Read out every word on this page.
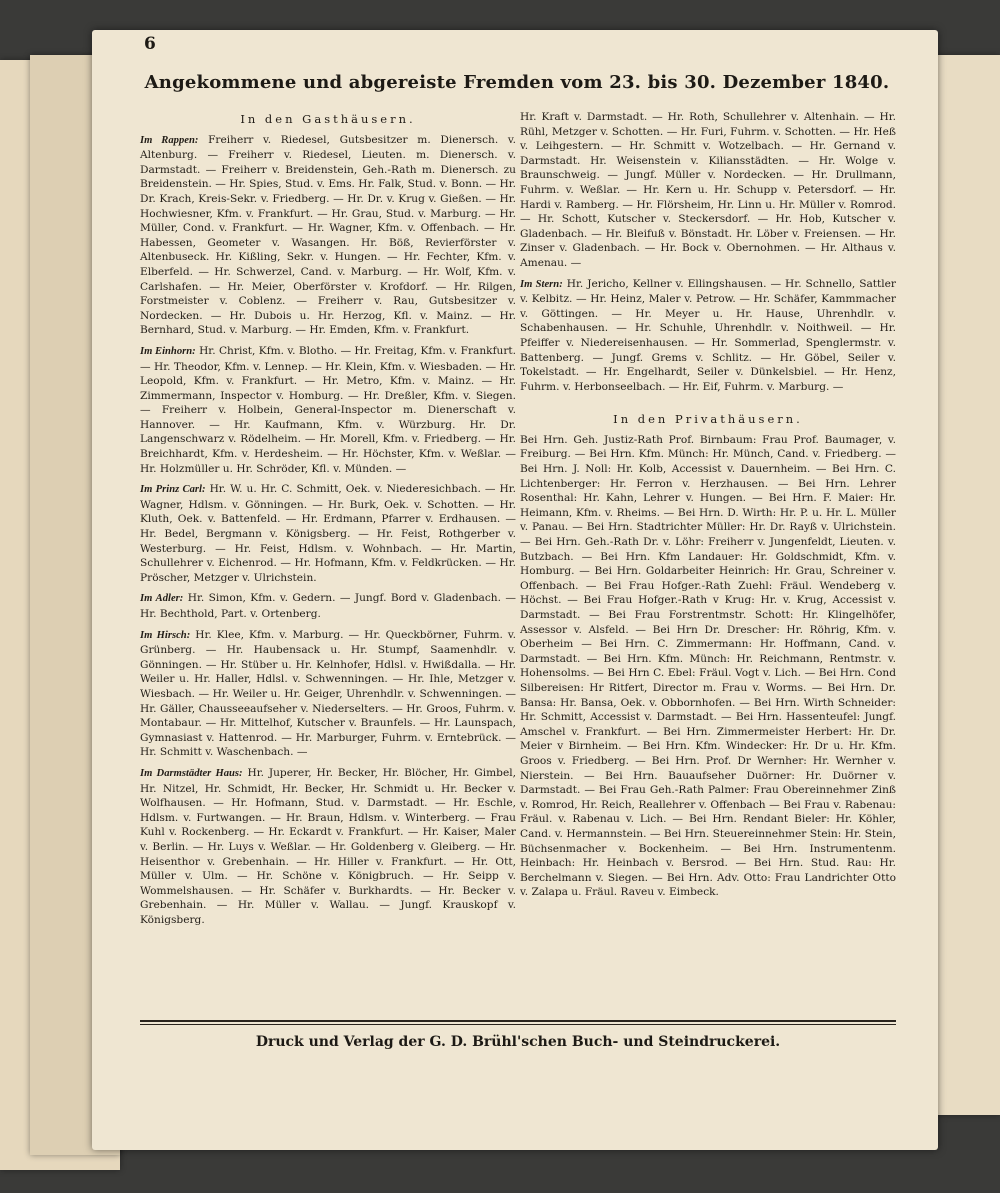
6
Angekommene und abgereiste Fremden vom 23. bis 30. Dezember 1840.
In den Gasthäusern.
Im Rappen: Freiherr v. Riedesel, Gutsbesitzer m. Dienersch. v. Altenburg. — Freiherr v. Riedesel, Lieuten. m. Dienersch. v. Darmstadt. — Freiherr v. Breidenstein, Geh.-Rath m. Dienersch. zu Breidenstein. — Hr. Spies, Stud. v. Ems. Hr. Falk, Stud. v. Bonn. — Hr. Dr. Krach, Kreis-Sekr. v. Friedberg. — Hr. Dr. v. Krug v. Gießen. — Hr. Hochwiesner, Kfm. v. Frankfurt. — Hr. Grau, Stud. v. Marburg. — Hr. Müller, Cond. v. Frankfurt. — Hr. Wagner, Kfm. v. Offenbach. — Hr. Habessen, Geometer v. Wasangen. Hr. Böß, Revierförster v. Altenbuseck. Hr. Kißling, Sekr. v. Hungen. — Hr. Fechter, Kfm. v. Elberfeld. — Hr. Schwerzel, Cand. v. Marburg. — Hr. Wolf, Kfm. v. Carlshafen. — Hr. Meier, Oberförster v. Krofdorf. — Hr. Rilgen, Forstmeister v. Coblenz. — Freiherr v. Rau, Gutsbesitzer v. Nordecken. — Hr. Dubois u. Hr. Herzog, Kfl. v. Mainz. — Hr. Bernhard, Stud. v. Marburg. — Hr. Emden, Kfm. v. Frankfurt.
Im Einhorn: Hr. Christ, Kfm. v. Blotho. — Hr. Freitag, Kfm. v. Frankfurt. — Hr. Theodor, Kfm. v. Lennep. — Hr. Klein, Kfm. v. Wiesbaden. — Hr. Leopold, Kfm. v. Frankfurt. — Hr. Metro, Kfm. v. Mainz. — Hr. Zimmermann, Inspector v. Homburg. — Hr. Dreßler, Kfm. v. Siegen. — Freiherr v. Holbein, General-Inspector m. Dienerschaft v. Hannover. — Hr. Kaufmann, Kfm. v. Würzburg. Hr. Dr. Langenschwarz v. Rödelheim. — Hr. Morell, Kfm. v. Friedberg. — Hr. Breichhardt, Kfm. v. Herdesheim. — Hr. Höchster, Kfm. v. Weßlar. — Hr. Holzmüller u. Hr. Schröder, Kfl. v. Münden. —
Im Prinz Carl: Hr. W. u. Hr. C. Schmitt, Oek. v. Niederesichbach. — Hr. Wagner, Hdlsm. v. Gönningen. — Hr. Burk, Oek. v. Schotten. — Hr. Kluth, Oek. v. Battenfeld. — Hr. Erdmann, Pfarrer v. Erdhausen. — Hr. Bedel, Bergmann v. Königsberg. — Hr. Feist, Rothgerber v. Westerburg. — Hr. Feist, Hdlsm. v. Wohnbach. — Hr. Martin, Schullehrer v. Eichenrod. — Hr. Hofmann, Kfm. v. Feldkrücken. — Hr. Pröscher, Metzger v. Ulrichstein.
Im Adler: Hr. Simon, Kfm. v. Gedern. — Jungf. Bord v. Gladenbach. — Hr. Bechthold, Part. v. Ortenberg.
Im Hirsch: Hr. Klee, Kfm. v. Marburg. — Hr. Queckbörner, Fuhrm. v. Grünberg. — Hr. Haubensack u. Hr. Stumpf, Saamenhdlr. v. Gönningen. — Hr. Stüber u. Hr. Kelnhofer, Hdlsl. v. Hwißdalla. — Hr. Weiler u. Hr. Haller, Hdlsl. v. Schwenningen. — Hr. Ihle, Metzger v. Wiesbach. — Hr. Weiler u. Hr. Geiger, Uhrenhdlr. v. Schwenningen. — Hr. Gäller, Chausseeaufseher v. Niederselters. — Hr. Groos, Fuhrm. v. Montabaur. — Hr. Mittelhof, Kutscher v. Braunfels. — Hr. Launspach, Gymnasiast v. Hattenrod. — Hr. Marburger, Fuhrm. v. Erntebrück. — Hr. Schmitt v. Waschenbach. —
Im Darmstädter Haus: Hr. Juperer, Hr. Becker, Hr. Blöcher, Hr. Gimbel, Hr. Nitzel, Hr. Schmidt, Hr. Becker, Hr. Schmidt u. Hr. Becker v. Wolfhausen. — Hr. Hofmann, Stud. v. Darmstadt. — Hr. Eschle, Hdlsm. v. Furtwangen. — Hr. Braun, Hdlsm. v. Winterberg. — Frau Kuhl v. Rockenberg. — Hr. Eckardt v. Frankfurt. — Hr. Kaiser, Maler v. Berlin. — Hr. Luys v. Weßlar. — Hr. Goldenberg v. Gleiberg. — Hr. Heisenthor v. Grebenhain. — Hr. Hiller v. Frankfurt. — Hr. Ott, Müller v. Ulm. — Hr. Schöne v. Königbruch. — Hr. Seipp v. Wommelshausen. — Hr. Schäfer v. Burkhardts. — Hr. Becker v. Grebenhain. — Hr. Müller v. Wallau. — Jungf. Krauskopf v. Königsberg.
Hr. Kraft v. Darmstadt. — Hr. Roth, Schullehrer v. Altenhain. — Hr. Rühl, Metzger v. Schotten. — Hr. Furi, Fuhrm. v. Schotten. — Hr. Heß v. Leihgestern. — Hr. Schmitt v. Wotzelbach. — Hr. Gernand v. Darmstadt. Hr. Weisenstein v. Kiliansstädten. — Hr. Wolge v. Braunschweig. — Jungf. Müller v. Nordecken. — Hr. Drullmann, Fuhrm. v. Weßlar. — Hr. Kern u. Hr. Schupp v. Petersdorf. — Hr. Hardi v. Ramberg. — Hr. Flörsheim, Hr. Linn u. Hr. Müller v. Romrod. — Hr. Schott, Kutscher v. Steckersdorf. — Hr. Hob, Kutscher v. Gladenbach. — Hr. Bleifuß v. Bönstadt. Hr. Löber v. Freiensen. — Hr. Zinser v. Gladenbach. — Hr. Bock v. Obernohmen. — Hr. Althaus v. Amenau. —
Im Stern: Hr. Jericho, Kellner v. Ellingshausen. — Hr. Schnello, Sattler v. Kelbitz. — Hr. Heinz, Maler v. Petrow. — Hr. Schäfer, Kammmacher v. Göttingen. — Hr. Meyer u. Hr. Hause, Uhrenhdlr. v. Schabenhausen. — Hr. Schuhle, Uhrenhdlr. v. Noithweil. — Hr. Pfeiffer v. Niedereisenhausen. — Hr. Sommerlad, Spenglermstr. v. Battenberg. — Jungf. Grems v. Schlitz. — Hr. Göbel, Seiler v. Tokelstadt. — Hr. Engelhardt, Seiler v. Dünkelsbiel. — Hr. Henz, Fuhrm. v. Herbonseelbach. — Hr. Eif, Fuhrm. v. Marburg. —
In den Privathäusern.
Bei Hrn. Geh. Justiz-Rath Prof. Birnbaum: Frau Prof. Baumager, v. Freiburg. — Bei Hrn. Kfm. Münch: Hr. Münch, Cand. v. Friedberg. — Bei Hrn. J. Noll: Hr. Kolb, Accessist v. Dauernheim. — Bei Hrn. C. Lichtenberger: Hr. Ferron v. Herzhausen. — Bei Hrn. Lehrer Rosenthal: Hr. Kahn, Lehrer v. Hungen. — Bei Hrn. F. Maier: Hr. Heimann, Kfm. v. Rheims. — Bei Hrn. D. Wirth: Hr. P. u. Hr. L. Müller v. Panau. — Bei Hrn. Stadtrichter Müller: Hr. Dr. Rayß v. Ulrichstein. — Bei Hrn. Geh.-Rath Dr. v. Löhr: Freiherr v. Jungenfeldt, Lieuten. v. Butzbach. — Bei Hrn. Kfm Landauer: Hr. Goldschmidt, Kfm. v. Homburg. — Bei Hrn. Goldarbeiter Heinrich: Hr. Grau, Schreiner v. Offenbach. — Bei Frau Hofger.-Rath Zuehl: Fräul. Wendeberg v. Höchst. — Bei Frau Hofger.-Rath v Krug: Hr. v. Krug, Accessist v. Darmstadt. — Bei Frau Forstrentmstr. Schott: Hr. Klingelhöfer, Assessor v. Alsfeld. — Bei Hrn Dr. Drescher: Hr. Röhrig, Kfm. v. Oberheim — Bei Hrn. C. Zimmermann: Hr. Hoffmann, Cand. v. Darmstadt. — Bei Hrn. Kfm. Münch: Hr. Reichmann, Rentmstr. v. Hohensolms. — Bei Hrn C. Ebel: Fräul. Vogt v. Lich. — Bei Hrn. Cond Silbereisen: Hr Ritfert, Director m. Frau v. Worms. — Bei Hrn. Dr. Bansa: Hr. Bansa, Oek. v. Obbornhofen. — Bei Hrn. Wirth Schneider: Hr. Schmitt, Accessist v. Darmstadt. — Bei Hrn. Hassenteufel: Jungf. Amschel v. Frankfurt. — Bei Hrn. Zimmermeister Herbert: Hr. Dr. Meier v Birnheim. — Bei Hrn. Kfm. Windecker: Hr. Dr u. Hr. Kfm. Groos v. Friedberg. — Bei Hrn. Prof. Dr Wernher: Hr. Wernher v. Nierstein. — Bei Hrn. Bauaufseher Duörner: Hr. Duörner v. Darmstadt. — Bei Frau Geh.-Rath Palmer: Frau Obereinnehmer Zinß v. Romrod, Hr. Reich, Reallehrer v. Offenbach — Bei Frau v. Rabenau: Fräul. v. Rabenau v. Lich. — Bei Hrn. Rendant Bieler: Hr. Köhler, Cand. v. Hermannstein. — Bei Hrn. Steuereinnehmer Stein: Hr. Stein, Büchsenmacher v. Bockenheim. — Bei Hrn. Instrumentenm. Heinbach: Hr. Heinbach v. Bersrod. — Bei Hrn. Stud. Rau: Hr. Berchelmann v. Siegen. — Bei Hrn. Adv. Otto: Frau Landrichter Otto v. Zalapa u. Fräul. Raveu v. Eimbeck.
Druck und Verlag der G. D. Brühl'schen Buch- und Steindruckerei.
